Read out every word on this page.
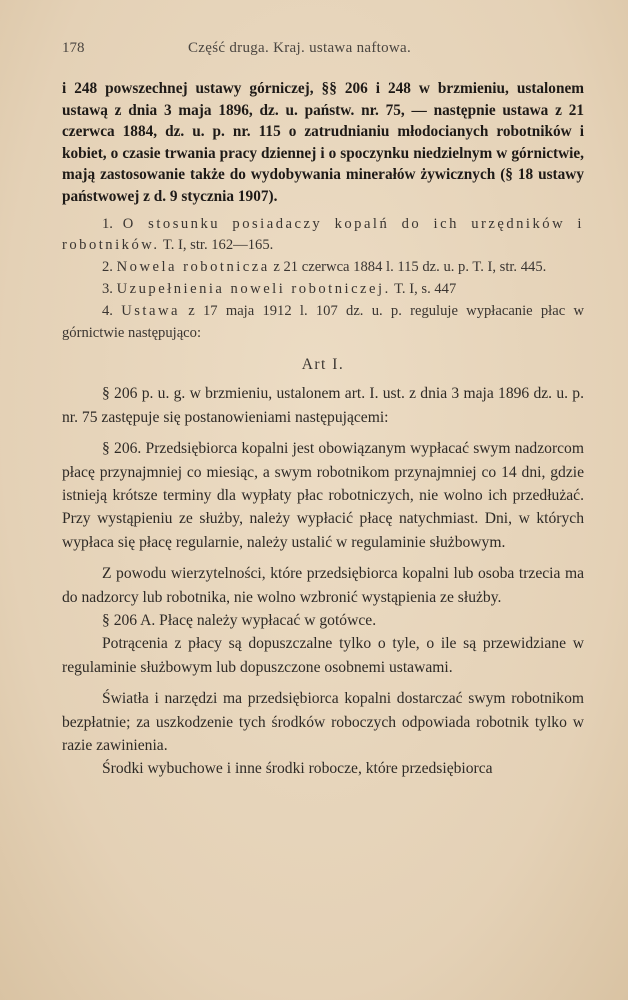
178	Część druga. Kraj. ustawa naftowa.

i 248 powszechnej ustawy górniczej, §§ 206 i 248 w brzmieniu, ustalonem ustawą z dnia 3 maja 1896, dz. u. państw. nr. 75, — następnie ustawa z 21 czerwca 1884, dz. u. p. nr. 115 o zatrudnianiu młodocianych robotników i kobiet, o czasie trwania pracy dziennej i o spoczynku niedzielnym w górnictwie, mają zastosowanie także do wydobywania minerałów żywicznych (§ 18 ustawy państwowej z d. 9 stycznia 1907).

1. O stosunku posiadaczy kopalń do ich urzędników i robotników. T. I, str. 162—165.

2. Nowela robotnicza z 21 czerwca 1884 l. 115 dz. u. p. T. I, str. 445.

3. Uzupełnienia noweli robotniczej. T. I, s. 447

4. Ustawa z 17 maja 1912 l. 107 dz. u. p. reguluje wypłacanie płac w górnictwie następująco:

Art I.

§ 206 p. u. g. w brzmieniu, ustalonem art. I. ust. z dnia 3 maja 1896 dz. u. p. nr. 75 zastępuje się postanowieniami następującemi:

§ 206. Przedsiębiorca kopalni jest obowiązanym wypłacać swym nadzorcom płacę przynajmniej co miesiąc, a swym robotnikom przynajmniej co 14 dni, gdzie istnieją krótsze terminy dla wypłaty płac robotniczych, nie wolno ich przedłużać. Przy wystąpieniu ze służby, należy wypłacić płacę natychmiast. Dni, w których wypłaca się płacę regularnie, należy ustalić w regulaminie służbowym.

Z powodu wierzytelności, które przedsiębiorca kopalni lub osoba trzecia ma do nadzorcy lub robotnika, nie wolno wzbronić wystąpienia ze służby.

§ 206 A. Płacę należy wypłacać w gotówce.

Potrącenia z płacy są dopuszczalne tylko o tyle, o ile są przewidziane w regulaminie służbowym lub dopuszczone osobnemi ustawami.

Światła i narzędzi ma przedsiębiorca kopalni dostarczać swym robotnikom bezpłatnie; za uszkodzenie tych środków roboczych odpowiada robotnik tylko w razie zawinienia.

Środki wybuchowe i inne środki robocze, które przedsiębiorca
